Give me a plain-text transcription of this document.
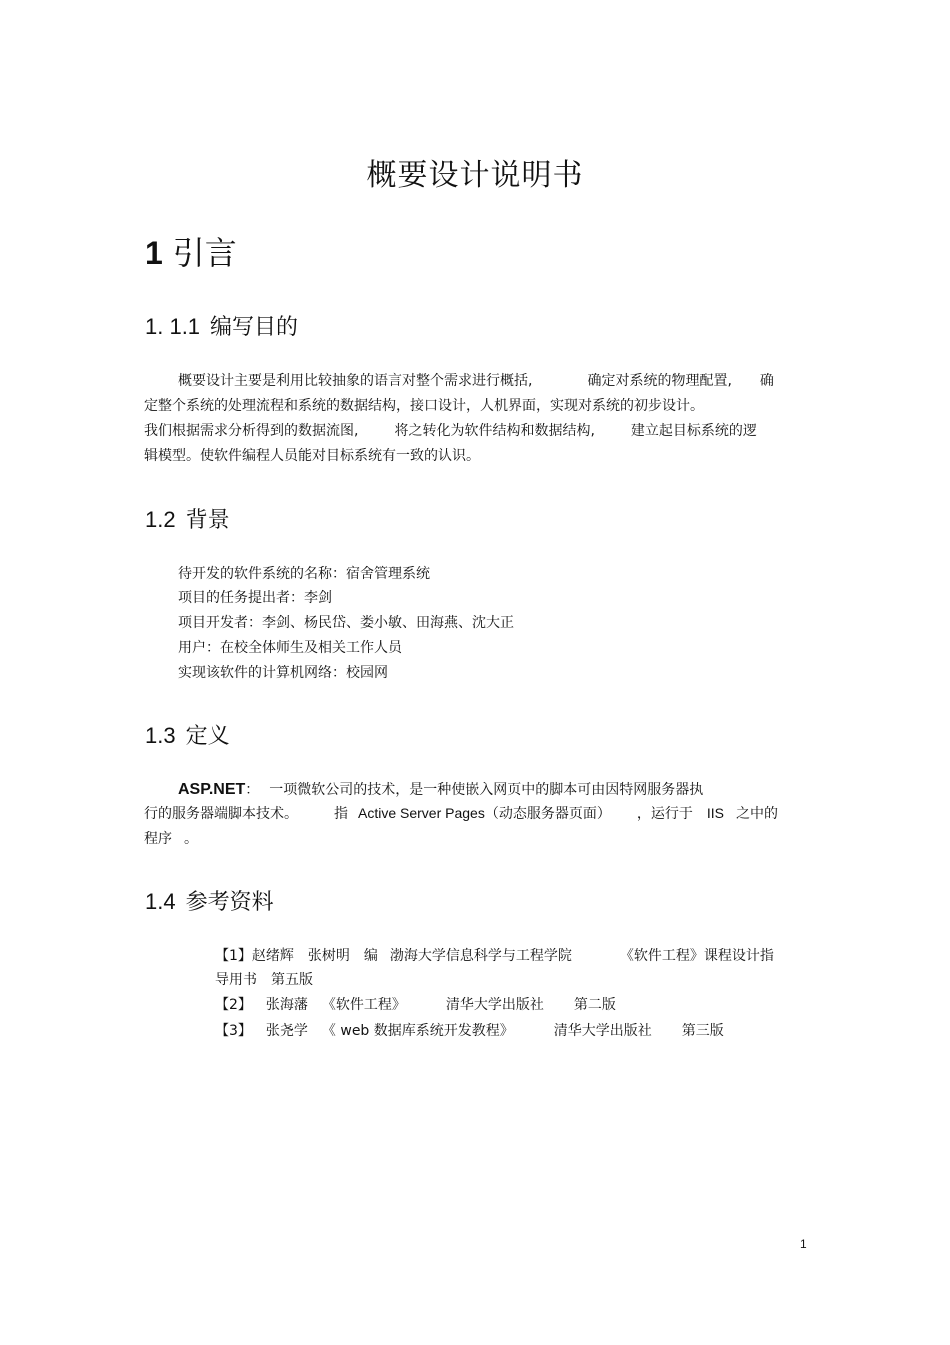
概要设计说明书
1 引言
1. 1.1 编写目的

概要设计主要是利用比较抽象的语言对整个需求进行概括,	确定对系统的物理配置, 确

定整个系统的处理流程和系统的数据结构，接口设计，人机界面，实现对系统的初步设计。

我们根据需求分析得到的数据流图,	将之转化为软件结构和数据结构,	建立起目标系统的逻

辑模型。使软件编程人员能对目标系统有一致的认识。

1.2 背景

待开发的软件系统的名称：宿舍管理系统

项目的任务提出者：李剑

项目开发者：李剑、杨民岱、娄小敏、田海燕、沈大正

用户：在校全体师生及相关工作人员

实现该软件的计算机网络：校园网

1.3 定义

ASP.NET： 一项微软公司的技术，是一种使嵌入网页中的脚本可由因特网服务器执

行的服务器端脚本技术。	指 Active Server Pages（动态服务器页面） ，运行于 IIS 之中的

程序 。

1.4 参考资料

【1】赵绪辉 张树明 编 渤海大学信息科学与工程学院	《软件工程》课程设计指

导用书 第五版

【2】 张海藩 《软件工程》	清华大学出版社 第二版

【3】 张尧学 《 web 数据库系统开发教程》	清华大学出版社 第三版

1
